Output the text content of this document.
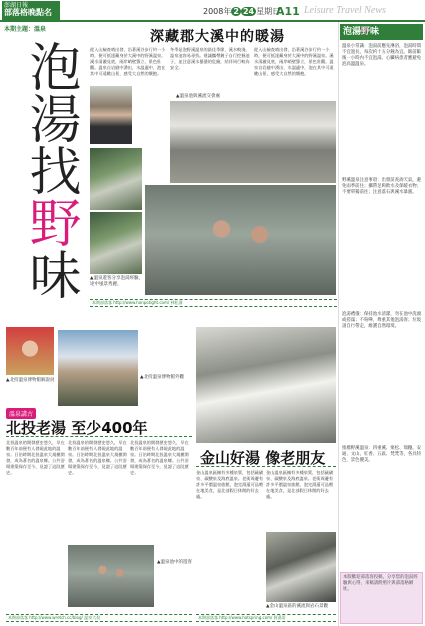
澎湖日報
部落格晚點名	2008年 2 24 星期日
A11 Leisure Travel News
本期主題：溫泉
泡湯找野味
深藏郡大溪中的暖湯
從入山檢查哨出發，沿著溪谷步行約一小時，便可抵達藏身於大溪中的野溪溫泉。溪水清澈見底，兩岸峭壁聳立，景色壯觀。溫泉自岩縫中湧出，水溫適中，泡在其中可遠眺山景，感受大自然的懷抱。
▲溫泉遊客分享泡湯經驗，途中風景秀麗。
冬季是泡野溪溫泉的最佳季節，溪水較淺，溫泉池容易尋找。建議攜帶鏟子自行挖掘池子，並注意溪水暴漲的危險，結伴同行較為安全。
從入山檢查哨出發，沿著溪谷步行約一小時，便可抵達藏身於大溪中的野溪溫泉。溪水清澈見底，兩岸峭壁聳立，景色壯觀。溫泉自岩縫中湧出，水溫適中，泡在其中可遠眺山景，感受大自然的懷抱。
▲溫泉池與溪流交會處
本期部落客 http://www.honpotight.com/ 林松濤
▲北投溫泉博物館解說員
▲北投溫泉博物館外觀
溫泉講古
北投老湯 至少400年
北投溫泉的開發歷史悠久，早在數百年前便有人發現此地的溫泉。日治時期北投溫泉大規模開發，成為著名的溫泉鄉。公共浴場建築保存至今，見證了這段歷史。
北投溫泉的開發歷史悠久，早在數百年前便有人發現此地的溫泉。日治時期北投溫泉大規模開發，成為著名的溫泉鄉。公共浴場建築保存至今，見證了這段歷史。
北投溫泉的開發歷史悠久，早在數百年前便有人發現此地的溫泉。日治時期北投溫泉大規模開發，成為著名的溫泉鄉。公共浴場建築保存至今，見證了這段歷史。
▲溫泉池中的遊客
本期部落客 http://www.wretch.cc/blog/ 溫泉大叔
金山好湯 像老朋友
金山溫泉區擁有多種泉質，包括硫磺泉、碳酸泉及海底溫泉。老街周邊有許多平價溫泉旅館，泡完湯還可品嚐在地美食，是北部假日休閒的好去處。
金山溫泉區擁有多種泉質，包括硫磺泉、碳酸泉及海底溫泉。老街周邊有許多平價溫泉旅館，泡完湯還可品嚐在地美食，是北部假日休閒的好去處。
▲金山溫泉區的溪流與岩石景觀
本期部落客 http://www.hotspring.com/ 阿湯哥
泡湯野味
溫泉小常識：泡湯前應先淋浴，泡湯時間不宜過長，每次約十五分鐘為宜。飯前飯後一小時內不宜泡湯。心臟病患者應避免泡高溫溫泉。
野溪溫泉注意事項：出發前查詢天氣，避免雨季前往；攜帶足夠飲水及保暖衣物；不要單獨前往；注意落石與溪水暴漲。
泡湯禮儀：保持池水清潔，勿在池中洗頭或搓澡；不喧嘩，尊重其他泡湯客；垃圾請自行帶走，維護自然環境。
推薦野溪溫泉：四重溪、栗松、瑞穗、安通、文山、紅香、五區、梵梵等，各具特色，景色優美。
本版歡迎部落客投稿，分享您的泡湯經驗與心得，來稿請附照片與部落格網址。
